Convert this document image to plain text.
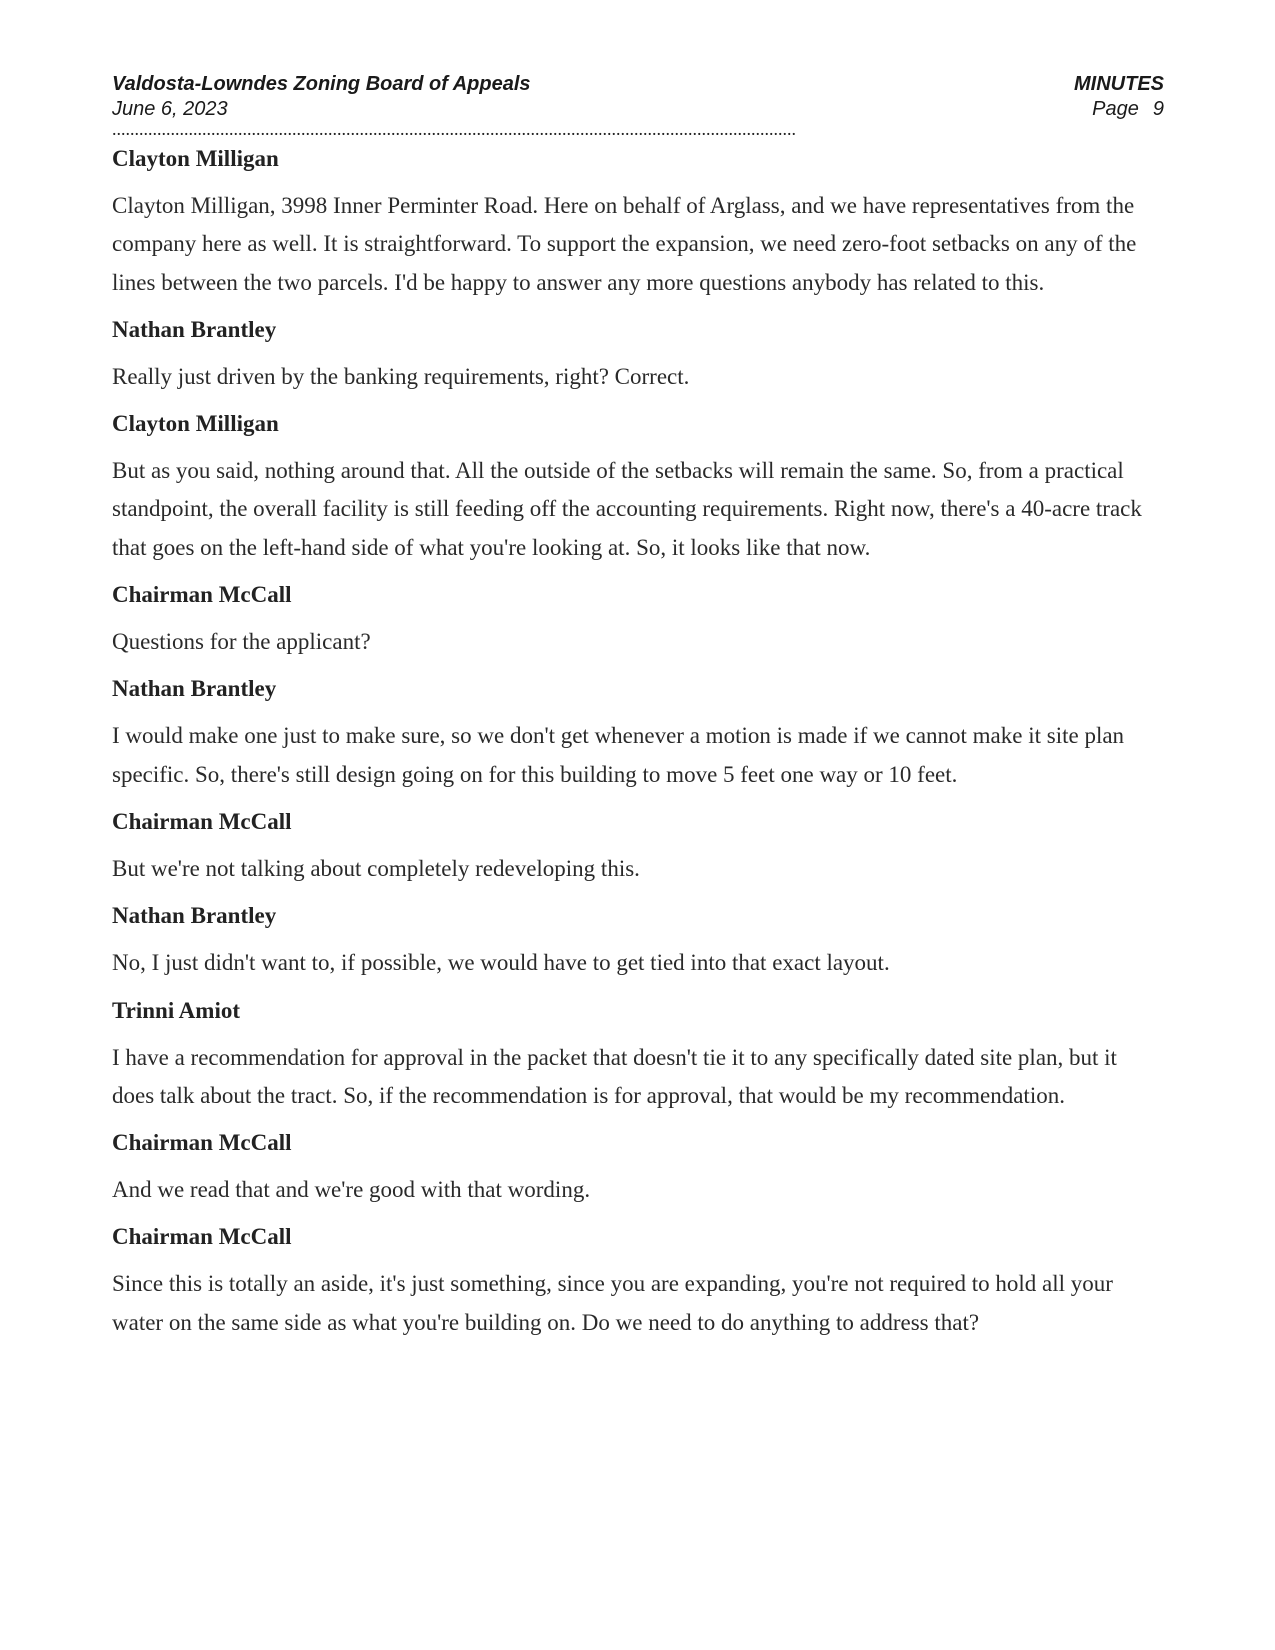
Valdosta-Lowndes Zoning Board of Appeals	MINUTES
June 6, 2023	Page 9
........................................................................................................................................................
Clayton Milligan
Clayton Milligan, 3998 Inner Perminter Road. Here on behalf of Arglass, and we have representatives from the company here as well. It is straightforward. To support the expansion, we need zero-foot setbacks on any of the lines between the two parcels. I'd be happy to answer any more questions anybody has related to this.
Nathan Brantley
Really just driven by the banking requirements, right? Correct.
Clayton Milligan
But as you said, nothing around that. All the outside of the setbacks will remain the same. So, from a practical standpoint, the overall facility is still feeding off the accounting requirements. Right now, there's a 40-acre track that goes on the left-hand side of what you're looking at. So, it looks like that now.
Chairman McCall
Questions for the applicant?
Nathan Brantley
I would make one just to make sure, so we don't get whenever a motion is made if we cannot make it site plan specific. So, there's still design going on for this building to move 5 feet one way or 10 feet.
Chairman McCall
But we're not talking about completely redeveloping this.
Nathan Brantley
No, I just didn't want to, if possible, we would have to get tied into that exact layout.
Trinni Amiot
I have a recommendation for approval in the packet that doesn't tie it to any specifically dated site plan, but it does talk about the tract. So, if the recommendation is for approval, that would be my recommendation.
Chairman McCall
And we read that and we're good with that wording.
Chairman McCall
Since this is totally an aside, it's just something, since you are expanding, you're not required to hold all your water on the same side as what you're building on. Do we need to do anything to address that?
